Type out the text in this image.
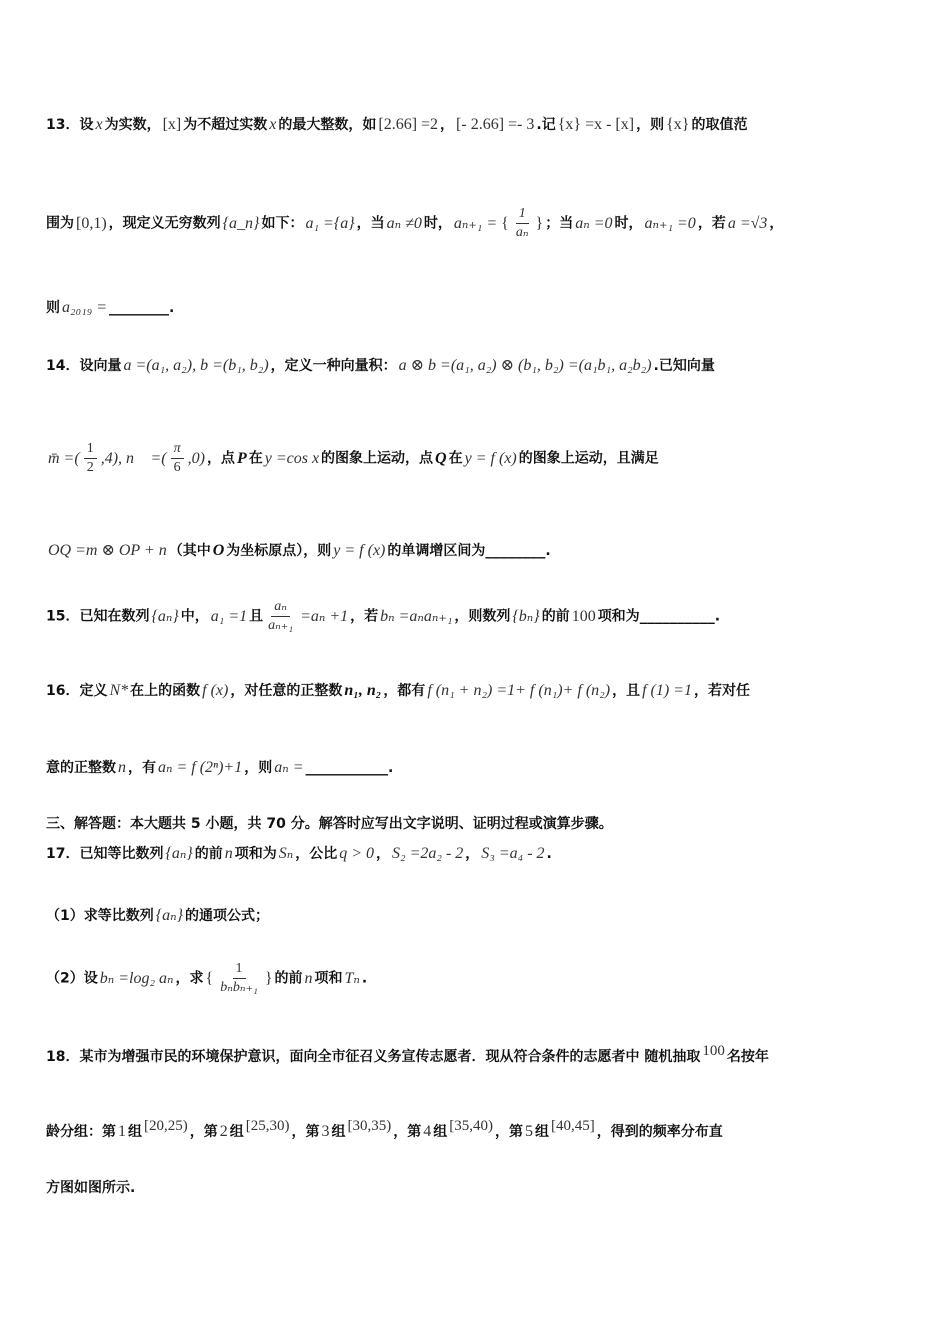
13．设 x 为实数， [x] 为不超过实数 x 的最大整数，如 [2.66] =2 ， [- 2.66] =- 3 .记 {x} =x - [x] ，则 {x} 的取值范
围为 [0,1) ，现定义无穷数列 {a_n} 如下： a₁ ={a} ，当 aₙ ≠0 时， aₙ₊₁ = { $\frac{1}{\text{aₙ}}$ } ；当 aₙ =0 时， aₙ₊₁ =0 ，若 a =√3 ，
则 a₂₀₁₉ = ________.
14．设向量 a =(a₁, a₂), b =(b₁, b₂) ，定义一种向量积： a ⊗ b =(a₁, a₂) ⊗ (b₁, b₂) =(a₁b₁, a₂b₂) .已知向量
m̄ =( $\frac{1}{2} ,4$), n⃗ =( $\frac{\pi}{6} ,0$) ，点 P 在 y =cos x 的图象上运动，点 Q 在 y = f (x) 的图象上运动，且满足
OQ =m ⊗ OP + n （其中 O 为坐标原点），则 y = f (x) 的单调增区间为________.
15．已知在数列 {aₙ} 中， a₁ =1 且 $\frac{\text{aₙ}}{\text{aₙ₊₁}} =a_n +1$ ，若 bₙ =aₙaₙ₊₁ ，则数列 {bₙ} 的前 100 项和为__________.
16．定义 N* 在上的函数 f (x) ，对任意的正整数 n₁, n₂ ，都有 f (n₁ + n₂) =1+ f (n₁)+ f (n₂) ，且 f (1) =1 ，若对任
意的正整数 n ，有 aₙ = f (2ⁿ)+1 ，则 aₙ = ___________.
三、解答题：本大题共 5 小题，共 70 分。解答时应写出文字说明、证明过程或演算步骤。
17．已知等比数列 {aₙ} 的前 n 项和为 Sₙ ，公比 q > 0 ， S₂ =2a₂ - 2 ， S₃ =a₄ - 2 .
（1）求等比数列 {aₙ} 的通项公式；
（2）设 bₙ =log₂ aₙ ，求 { $\frac{1}{\text{bₙbₙ₊₁}}$ } 的前 n 项和 Tₙ .
18．某市为增强市民的环境保护意识，面向全市征召义务宣传志愿者．现从符合条件的志愿者中 随机抽取 100 名按年
龄分组：第 1 组 [20,25) ，第 2 组 [25,30) ，第 3 组 [30,35) ，第 4 组 [35,40) ，第 5 组 [40,45] ，得到的频率分布直
方图如图所示.
